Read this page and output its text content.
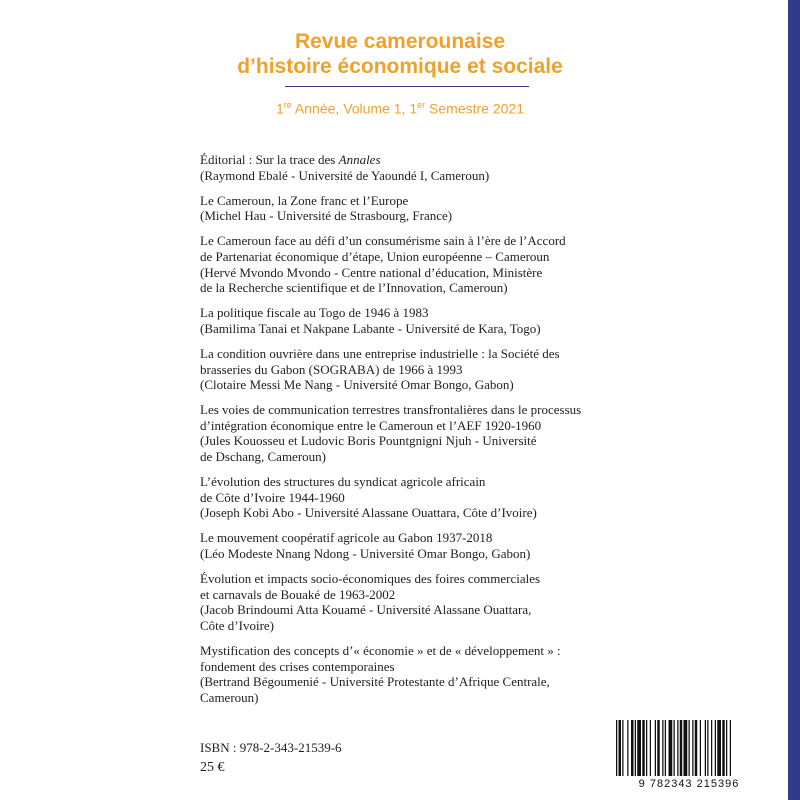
Revue camerounaise
d’histoire économique et sociale
1re Année, Volume 1, 1er Semestre 2021
Éditorial : Sur la trace des Annales
(Raymond Ebalé - Université de Yaoundé I, Cameroun)
Le Cameroun, la Zone franc et l’Europe
(Michel Hau - Université de Strasbourg, France)
Le Cameroun face au défi d’un consumérisme sain à l’ère de l’Accord
de Partenariat économique d’étape, Union européenne – Cameroun
(Hervé Mvondo Mvondo - Centre national d’éducation, Ministère
de la Recherche scientifique et de l’Innovation, Cameroun)
La politique fiscale au Togo de 1946 à 1983
(Bamilima Tanai et Nakpane Labante - Université de Kara, Togo)
La condition ouvrière dans une entreprise industrielle : la Société des
brasseries du Gabon (SOGRABA) de 1966 à 1993
(Clotaire Messi Me Nang - Université Omar Bongo, Gabon)
Les voies de communication terrestres transfrontalières dans le processus
d’intégration économique entre le Cameroun et l’AEF 1920-1960
(Jules Kouosseu et Ludovic Boris Pountgnigni Njuh - Université
de Dschang, Cameroun)
L’évolution des structures du syndicat agricole africain
de Côte d’Ivoire 1944-1960
(Joseph Kobi Abo - Université Alassane Ouattara, Côte d’Ivoire)
Le mouvement coopératif agricole au Gabon 1937-2018
(Léo Modeste Nnang Ndong - Université Omar Bongo, Gabon)
Évolution et impacts socio-économiques des foires commerciales
et carnavals de Bouaké de 1963-2002
(Jacob Brindoumi Atta Kouamé - Université Alassane Ouattara,
Côte d’Ivoire)
Mystification des concepts d’« économie » et de « développement » :
fondement des crises contemporaines
(Bertrand Bégoumenié - Université Protestante d’Afrique Centrale,
Cameroun)
ISBN : 978-2-343-21539-6
25 €
9 782343 215396
